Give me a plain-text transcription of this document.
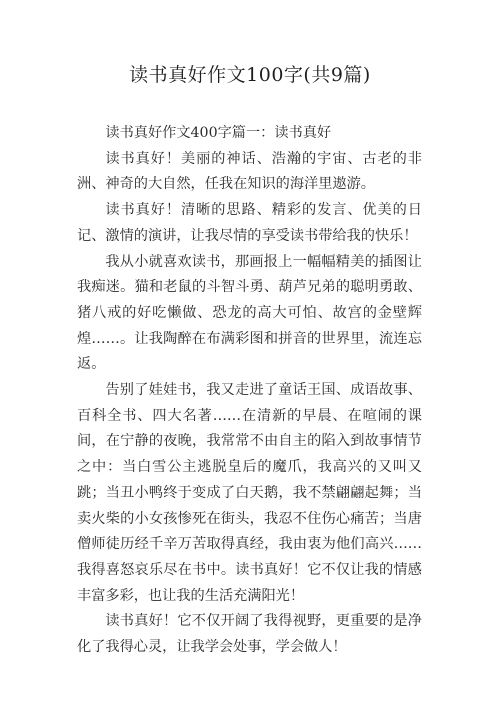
读书真好作文100字(共9篇)

读书真好作文400字篇一：读书真好

读书真好！美丽的神话、浩瀚的宇宙、古老的非洲、神奇的大自然，任我在知识的海洋里遨游。

读书真好！清晰的思路、精彩的发言、优美的日记、激情的演讲，让我尽情的享受读书带给我的快乐！

我从小就喜欢读书，那画报上一幅幅精美的插图让我痴迷。猫和老鼠的斗智斗勇、葫芦兄弟的聪明勇敢、猪八戒的好吃懒做、恐龙的高大可怕、故宫的金壁辉煌……。让我陶醉在布满彩图和拼音的世界里，流连忘返。

告别了娃娃书，我又走进了童话王国、成语故事、百科全书、四大名著……在清新的早晨、在喧闹的课间，在宁静的夜晚，我常常不由自主的陷入到故事情节之中：当白雪公主逃脱皇后的魔爪，我高兴的又叫又跳；当丑小鸭终于变成了白天鹅，我不禁翩翩起舞；当卖火柴的小女孩惨死在街头，我忍不住伤心痛苦；当唐僧师徒历经千辛万苦取得真经，我由衷为他们高兴……我得喜怒哀乐尽在书中。读书真好！它不仅让我的情感丰富多彩，也让我的生活充满阳光！

读书真好！它不仅开阔了我得视野，更重要的是净化了我得心灵，让我学会处事，学会做人！
